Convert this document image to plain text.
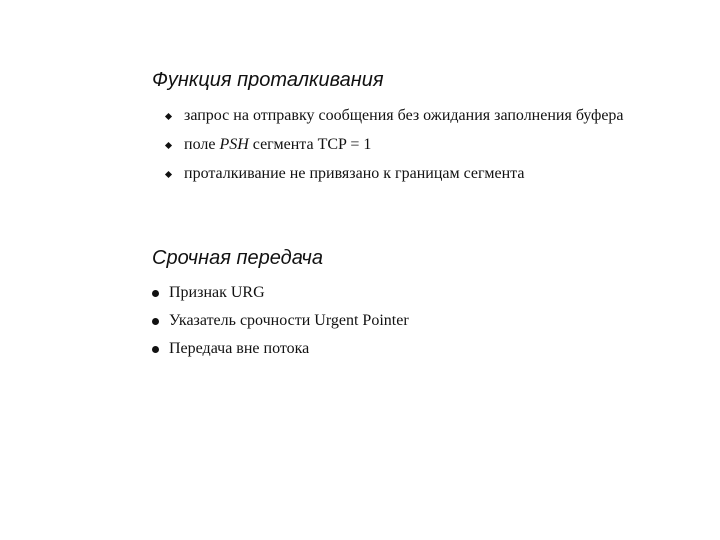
Функция проталкивания
запрос на отправку сообщения без ожидания заполнения буфера
поле PSH сегмента TCP = 1
проталкивание не привязано к границам сегмента
Срочная передача
Признак URG
Указатель срочности Urgent Pointer
Передача вне потока
